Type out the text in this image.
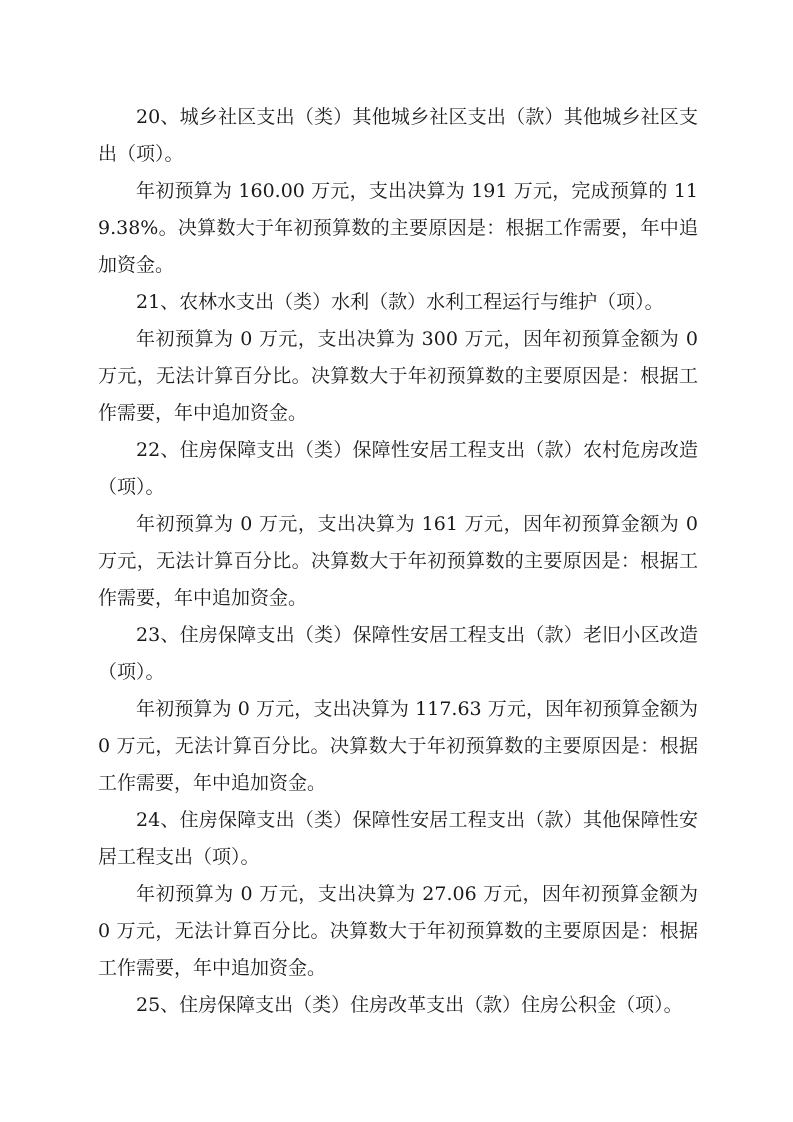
20、城乡社区支出（类）其他城乡社区支出（款）其他城乡社区支出（项）。

年初预算为 160.00 万元，支出决算为 191 万元，完成预算的 119.38%。决算数大于年初预算数的主要原因是：根据工作需要，年中追加资金。

21、农林水支出（类）水利（款）水利工程运行与维护（项）。

年初预算为 0 万元，支出决算为 300 万元，因年初预算金额为 0 万元，无法计算百分比。决算数大于年初预算数的主要原因是：根据工作需要，年中追加资金。

22、住房保障支出（类）保障性安居工程支出（款）农村危房改造（项）。

年初预算为 0 万元，支出决算为 161 万元，因年初预算金额为 0 万元，无法计算百分比。决算数大于年初预算数的主要原因是：根据工作需要，年中追加资金。

23、住房保障支出（类）保障性安居工程支出（款）老旧小区改造（项）。

年初预算为 0 万元，支出决算为 117.63 万元，因年初预算金额为 0 万元，无法计算百分比。决算数大于年初预算数的主要原因是：根据工作需要，年中追加资金。

24、住房保障支出（类）保障性安居工程支出（款）其他保障性安居工程支出（项）。

年初预算为 0 万元，支出决算为 27.06 万元，因年初预算金额为 0 万元，无法计算百分比。决算数大于年初预算数的主要原因是：根据工作需要，年中追加资金。

25、住房保障支出（类）住房改革支出（款）住房公积金（项）。
